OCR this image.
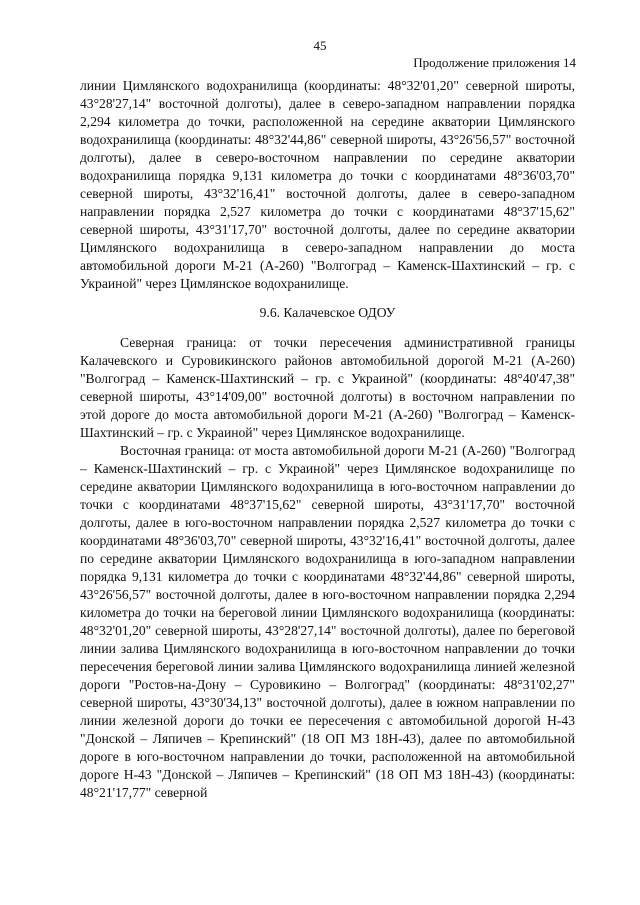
45
Продолжение приложения 14

линии Цимлянского водохранилища (координаты: 48°32'01,20" северной широты, 43°28'27,14" восточной долготы), далее в северо-западном направлении порядка 2,294 километра до точки, расположенной на середине акватории Цимлянского водохранилища (координаты: 48°32'44,86" северной широты, 43°26'56,57" восточной долготы), далее в северо-восточном направлении по середине акватории водохранилища порядка 9,131 километра до точки с координатами 48°36'03,70" северной широты, 43°32'16,41" восточной долготы, далее в северо-западном направлении порядка 2,527 километра до точки с координатами 48°37'15,62" северной широты, 43°31'17,70" восточной долготы, далее по середине акватории Цимлянского водохранилища в северо-западном направлении до моста автомобильной дороги М-21 (А-260) "Волгоград – Каменск-Шахтинский – гр. с Украиной" через Цимлянское водохранилище.

9.6. Калачевское ОДОУ

Северная граница: от точки пересечения административной границы Калачевского и Суровикинского районов автомобильной дорогой М-21 (А-260) "Волгоград – Каменск-Шахтинский – гр. с Украиной" (координаты: 48°40'47,38" северной широты, 43°14'09,00" восточной долготы) в восточном направлении по этой дороге до моста автомобильной дороги М-21 (А-260) "Волгоград – Каменск-Шахтинский – гр. с Украиной" через Цимлянское водохранилище.

Восточная граница: от моста автомобильной дороги М-21 (А-260) "Волгоград – Каменск-Шахтинский – гр. с Украиной" через Цимлянское водохранилище по середине акватории Цимлянского водохранилища в юго-восточном направлении до точки с координатами 48°37'15,62" северной широты, 43°31'17,70" восточной долготы, далее в юго-восточном направлении порядка 2,527 километра до точки с координатами 48°36'03,70" северной широты, 43°32'16,41" восточной долготы, далее по середине акватории Цимлянского водохранилища в юго-западном направлении порядка 9,131 километра до точки с координатами 48°32'44,86" северной широты, 43°26'56,57" восточной долготы, далее в юго-восточном направлении порядка 2,294 километра до точки на береговой линии Цимлянского водохранилища (координаты: 48°32'01,20" северной широты, 43°28'27,14" восточной долготы), далее по береговой линии залива Цимлянского водохранилища в юго-восточном направлении до точки пересечения береговой линии залива Цимлянского водохранилища линией железной дороги "Ростов-на-Дону – Суровикино – Волгоград" (координаты: 48°31'02,27" северной широты, 43°30'34,13" восточной долготы), далее в южном направлении по линии железной дороги до точки ее пересечения с автомобильной дорогой Н-43 "Донской – Ляпичев – Крепинский" (18 ОП МЗ 18Н-43), далее по автомобильной дороге в юго-восточном направлении до точки, расположенной на автомобильной дороге Н-43 "Донской – Ляпичев – Крепинский" (18 ОП МЗ 18Н-43) (координаты: 48°21'17,77" северной
